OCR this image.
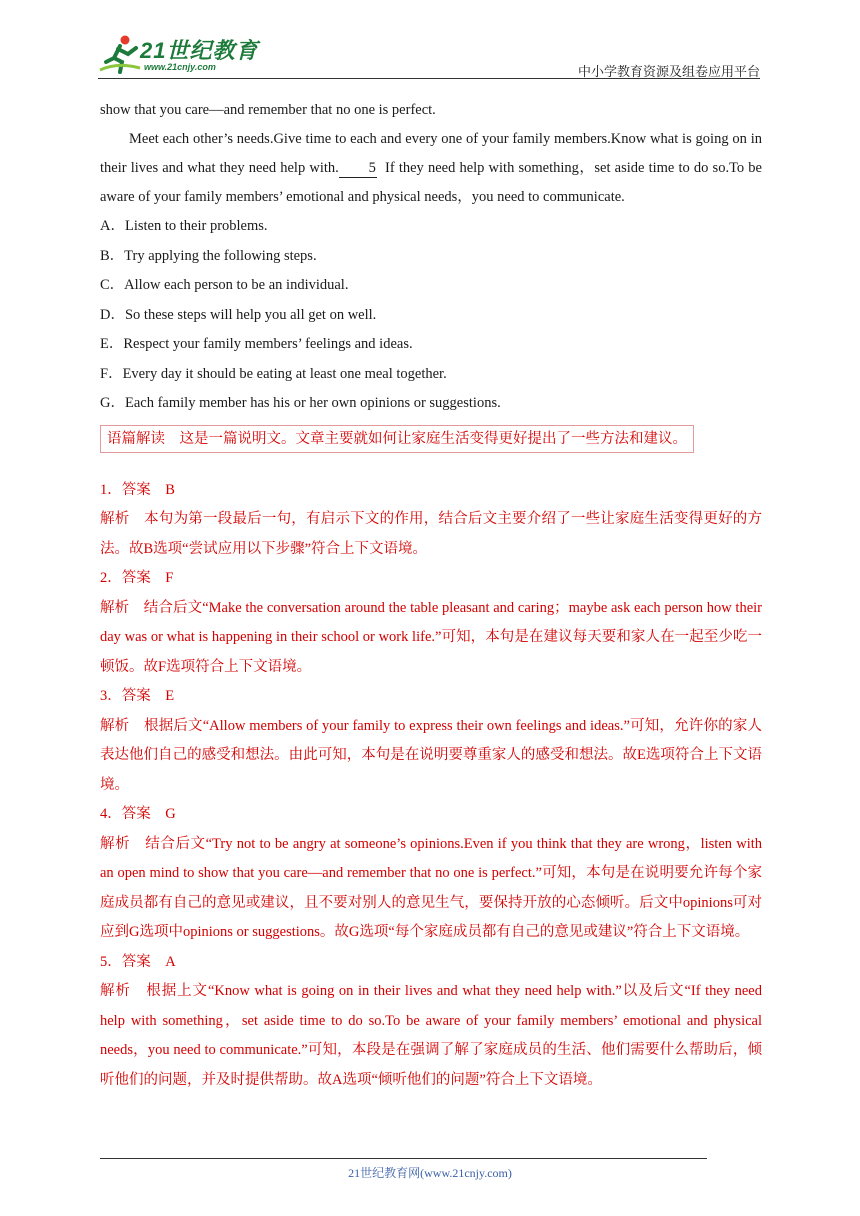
21世纪教育
www.21cnjy.com	中小学教育资源及组卷应用平台
show that you care—and remember that no one is perfect.
Meet each other’s needs.Give time to each and every one of your family members.Know what is going on in their lives and what they need help with. 5 If they need help with something，set aside time to do so.To be aware of your family members’ emotional and physical needs，you need to communicate.
A．Listen to their problems.
B．Try applying the following steps.
C．Allow each person to be an individual.
D．So these steps will help you all get on well.
E．Respect your family members’ feelings and ideas.
F．Every day it should be eating at least one meal together.
G．Each family member has his or her own opinions or suggestions.
语篇解读　这是一篇说明文。文章主要就如何让家庭生活变得更好提出了一些方法和建议。
1．答案　B
解析　本句为第一段最后一句，有启示下文的作用，结合后文主要介绍了一些让家庭生活变得更好的方法。故B选项“尝试应用以下步骤”符合上下文语境。
2．答案　F
解析　结合后文“Make the conversation around the table pleasant and caring；maybe ask each person how their day was or what is happening in their school or work life.”可知，本句是在建议每天要和家人在一起至少吃一顿饭。故F选项符合上下文语境。
3．答案　E
解析　根据后文“Allow members of your family to express their own feelings and ideas.”可知，允许你的家人表达他们自己的感受和想法。由此可知，本句是在说明要尊重家人的感受和想法。故E选项符合上下文语境。
4．答案　G
解析　结合后文“Try not to be angry at someone’s opinions.Even if you think that they are wrong，listen with an open mind to show that you care—and remember that no one is perfect.”可知，本句是在说明要允许每个家庭成员都有自己的意见或建议，且不要对别人的意见生气，要保持开放的心态倾听。后文中opinions可对应到G选项中opinions or suggestions。故G选项“每个家庭成员都有自己的意见或建议”符合上下文语境。
5．答案　A
解析　根据上文“Know what is going on in their lives and what they need help with.”以及后文“If they need help with something，set aside time to do so.To be aware of your family members’ emotional and physical needs，you need to communicate.”可知，本段是在强调了解了家庭成员的生活、他们需要什么帮助后，倾听他们的问题，并及时提供帮助。故A选项“倾听他们的问题”符合上下文语境。
21世纪教育网(www.21cnjy.com)
